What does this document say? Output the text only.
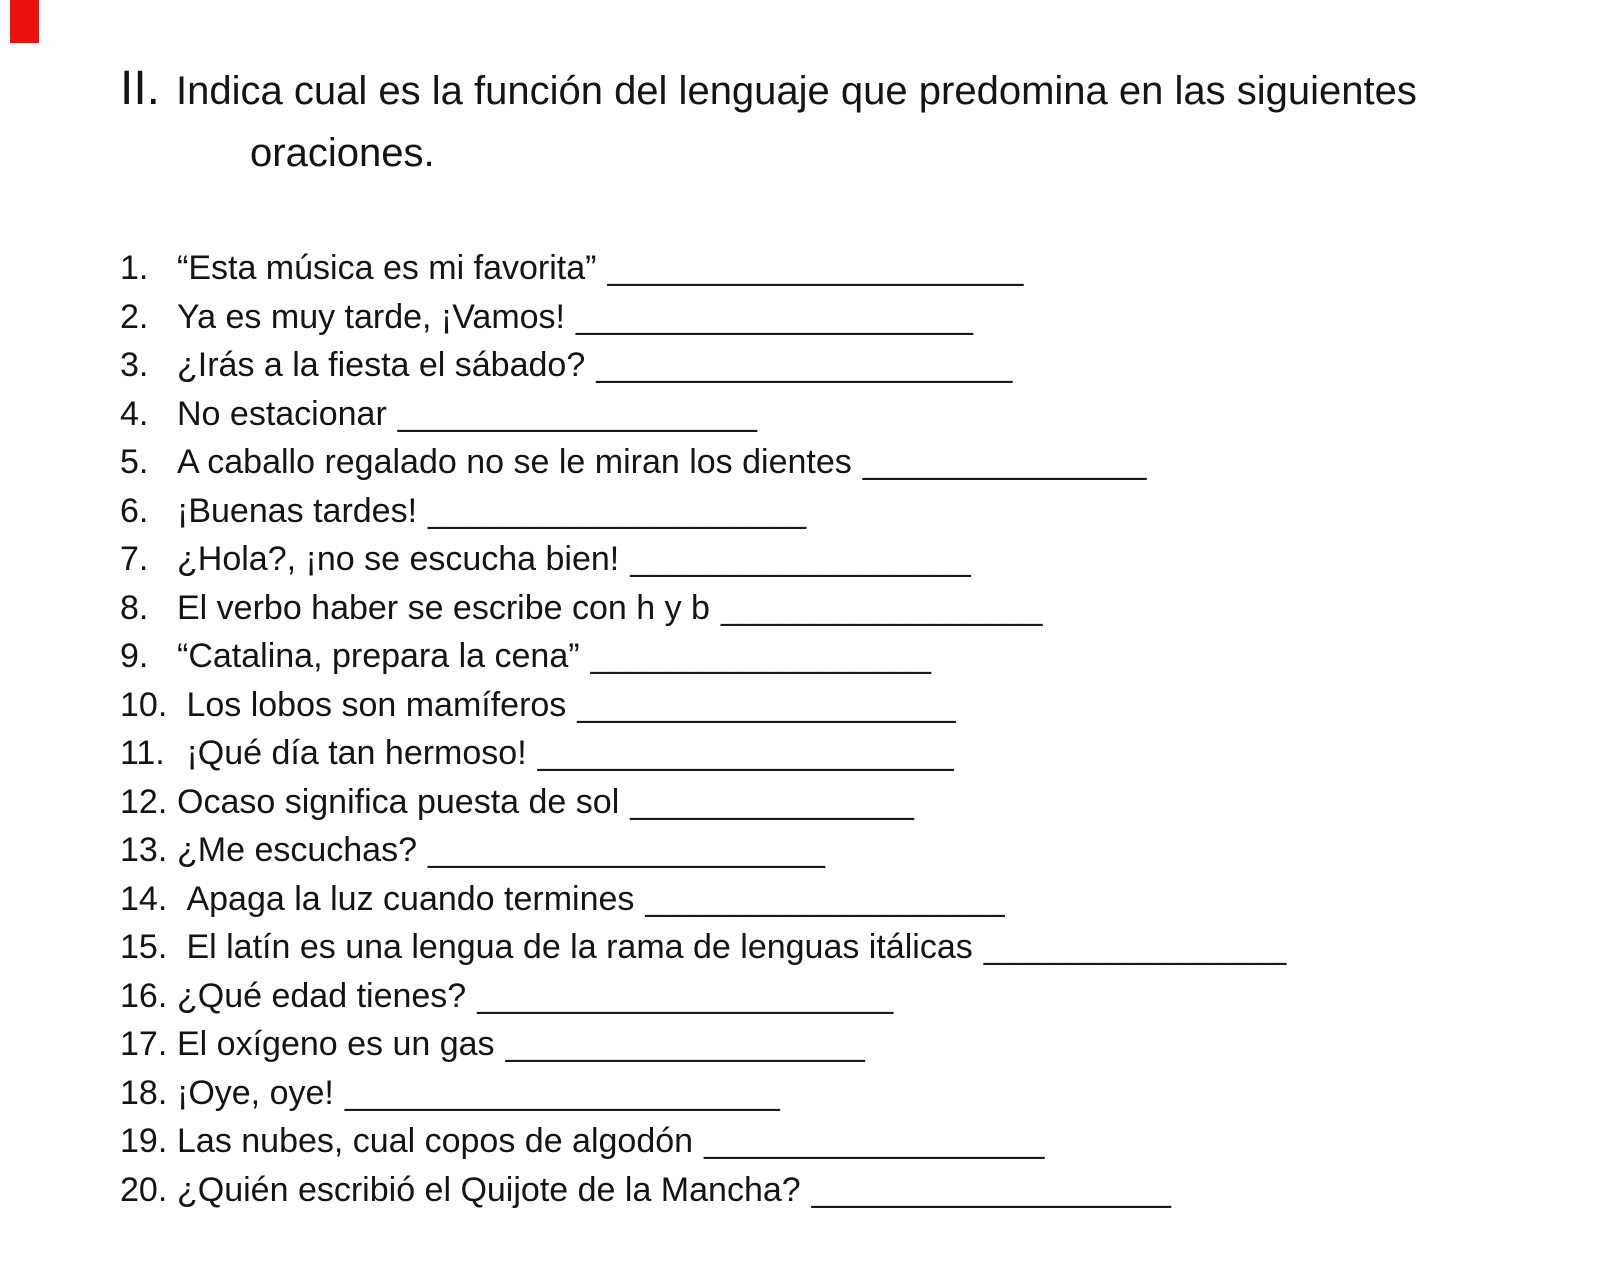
II. Indica cual es la función del lenguaje que predomina en las siguientes
oraciones.
1. “Esta música es mi favorita” ______________________
2. Ya es muy tarde, ¡Vamos! _____________________
3. ¿Irás a la fiesta el sábado? ______________________
4. No estacionar ___________________
5. A caballo regalado no se le miran los dientes _______________
6. ¡Buenas tardes! ____________________
7. ¿Hola?, ¡no se escucha bien! __________________
8. El verbo haber se escribe con h y b _________________
9. “Catalina, prepara la cena” __________________
10. Los lobos son mamíferos ____________________
11. ¡Qué día tan hermoso! ______________________
12. Ocaso significa puesta de sol _______________
13. ¿Me escuchas? _____________________
14. Apaga la luz cuando termines ___________________
15. El latín es una lengua de la rama de lenguas itálicas ________________
16. ¿Qué edad tienes? ______________________
17. El oxígeno es un gas ___________________
18. ¡Oye, oye! _______________________
19. Las nubes, cual copos de algodón __________________
20. ¿Quién escribió el Quijote de la Mancha? ___________________
